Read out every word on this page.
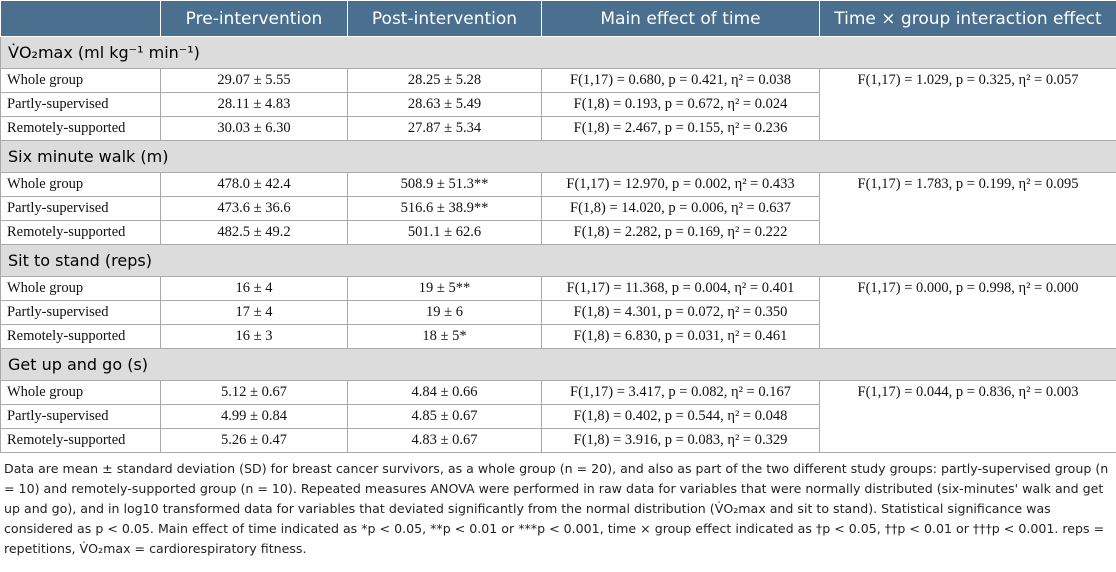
	Pre-intervention	Post-intervention	Main effect of time	Time × group interaction effect
V̇O₂max (ml kg⁻¹ min⁻¹)				
Whole group	29.07 ± 5.55	28.25 ± 5.28	F(1,17) = 0.680, p = 0.421, η² = 0.038	F(1,17) = 1.029, p = 0.325, η² = 0.057
Partly-supervised	28.11 ± 4.83	28.63 ± 5.49	F(1,8) = 0.193, p = 0.672, η² = 0.024	
Remotely-supported	30.03 ± 6.30	27.87 ± 5.34	F(1,8) = 2.467, p = 0.155, η² = 0.236	
Six minute walk (m)				
Whole group	478.0 ± 42.4	508.9 ± 51.3**	F(1,17) = 12.970, p = 0.002, η² = 0.433	F(1,17) = 1.783, p = 0.199, η² = 0.095
Partly-supervised	473.6 ± 36.6	516.6 ± 38.9**	F(1,8) = 14.020, p = 0.006, η² = 0.637	
Remotely-supported	482.5 ± 49.2	501.1 ± 62.6	F(1,8) = 2.282, p = 0.169, η² = 0.222	
Sit to stand (reps)				
Whole group	16 ± 4	19 ± 5**	F(1,17) = 11.368, p = 0.004, η² = 0.401	F(1,17) = 0.000, p = 0.998, η² = 0.000
Partly-supervised	17 ± 4	19 ± 6	F(1,8) = 4.301, p = 0.072, η² = 0.350	
Remotely-supported	16 ± 3	18 ± 5*	F(1,8) = 6.830, p = 0.031, η² = 0.461	
Get up and go (s)				
Whole group	5.12 ± 0.67	4.84 ± 0.66	F(1,17) = 3.417, p = 0.082, η² = 0.167	F(1,17) = 0.044, p = 0.836, η² = 0.003
Partly-supervised	4.99 ± 0.84	4.85 ± 0.67	F(1,8) = 0.402, p = 0.544, η² = 0.048	
Remotely-supported	5.26 ± 0.47	4.83 ± 0.67	F(1,8) = 3.916, p = 0.083, η² = 0.329	

Data are mean ± standard deviation (SD) for breast cancer survivors, as a whole group (n = 20), and also as part of the two different study groups: partly-supervised group (n = 10) and remotely-supported group (n = 10). Repeated measures ANOVA were performed in raw data for variables that were normally distributed (six-minutes' walk and get up and go), and in log10 transformed data for variables that deviated significantly from the normal distribution (V̇O₂max and sit to stand). Statistical significance was considered as p < 0.05. Main effect of time indicated as *p < 0.05, **p < 0.01 or ***p < 0.001, time × group effect indicated as †p < 0.05, ††p < 0.01 or †††p < 0.001. reps = repetitions, V̇O₂max = cardiorespiratory fitness.
